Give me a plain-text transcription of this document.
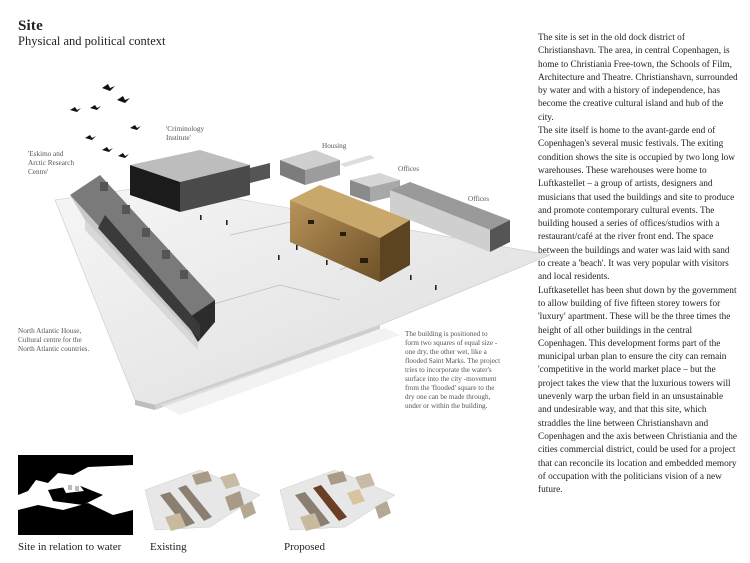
Site
Physical and political context
'Eskimo and
Arctic Research
Centre'
'Criminology
Institute'
Housing
Offices
Offices
North Atlantic House,
Cultural centre for the
North Atlantic countries.
The building is positioned to
form two squares of equal size -
one dry, the other wet, like a
flooded Saint Marks. The project
tries to incorporate the water's
surface into the city -movement
from the 'flooded' square to the
dry one can be made through,
under or within the building.

The site is set in the old dock district of Christianshavn. The area, in central Copenhagen, is home to Christiania Free-town, the Schools of Film, Architecture and Theatre. Christianshavn, surrounded by water and with a history of independence, has become the creative cultural island and hub of the city.

The site itself is home to the avant-garde end of Copenhagen's several music festivals. The exiting condition shows the site is occupied by two long low warehouses. These warehouses were home to Luftkastellet – a group of artists, designers and musicians that used the buildings and site to produce and promote contemporary cultural events. The building housed a series of offices/studios with a restaurant/café at the river front end. The space between the buildings and water was laid with sand to create a 'beach'. It was very popular with visitors and local residents.

Luftkasetellet has been shut down by the government to allow building of five fifteen storey towers for 'luxury' apartment. These will be the three times the height of all other buildings in the central Copenhagen. This development forms part of the municipal urban plan to ensure the city can remain 'competitive in the world market place – but the project takes the view that the luxurious towers will unevenly warp the urban field in an unsustainable and undesirable way, and that this site, which straddles the line between Christianshavn and Copenhagen and the axis between Christiania and the cities commercial district, could be used for a project that can reconcile its location and embedded memory of occupation with the politicians vision of a new future.

Site in relation to water	Existing	Proposed
